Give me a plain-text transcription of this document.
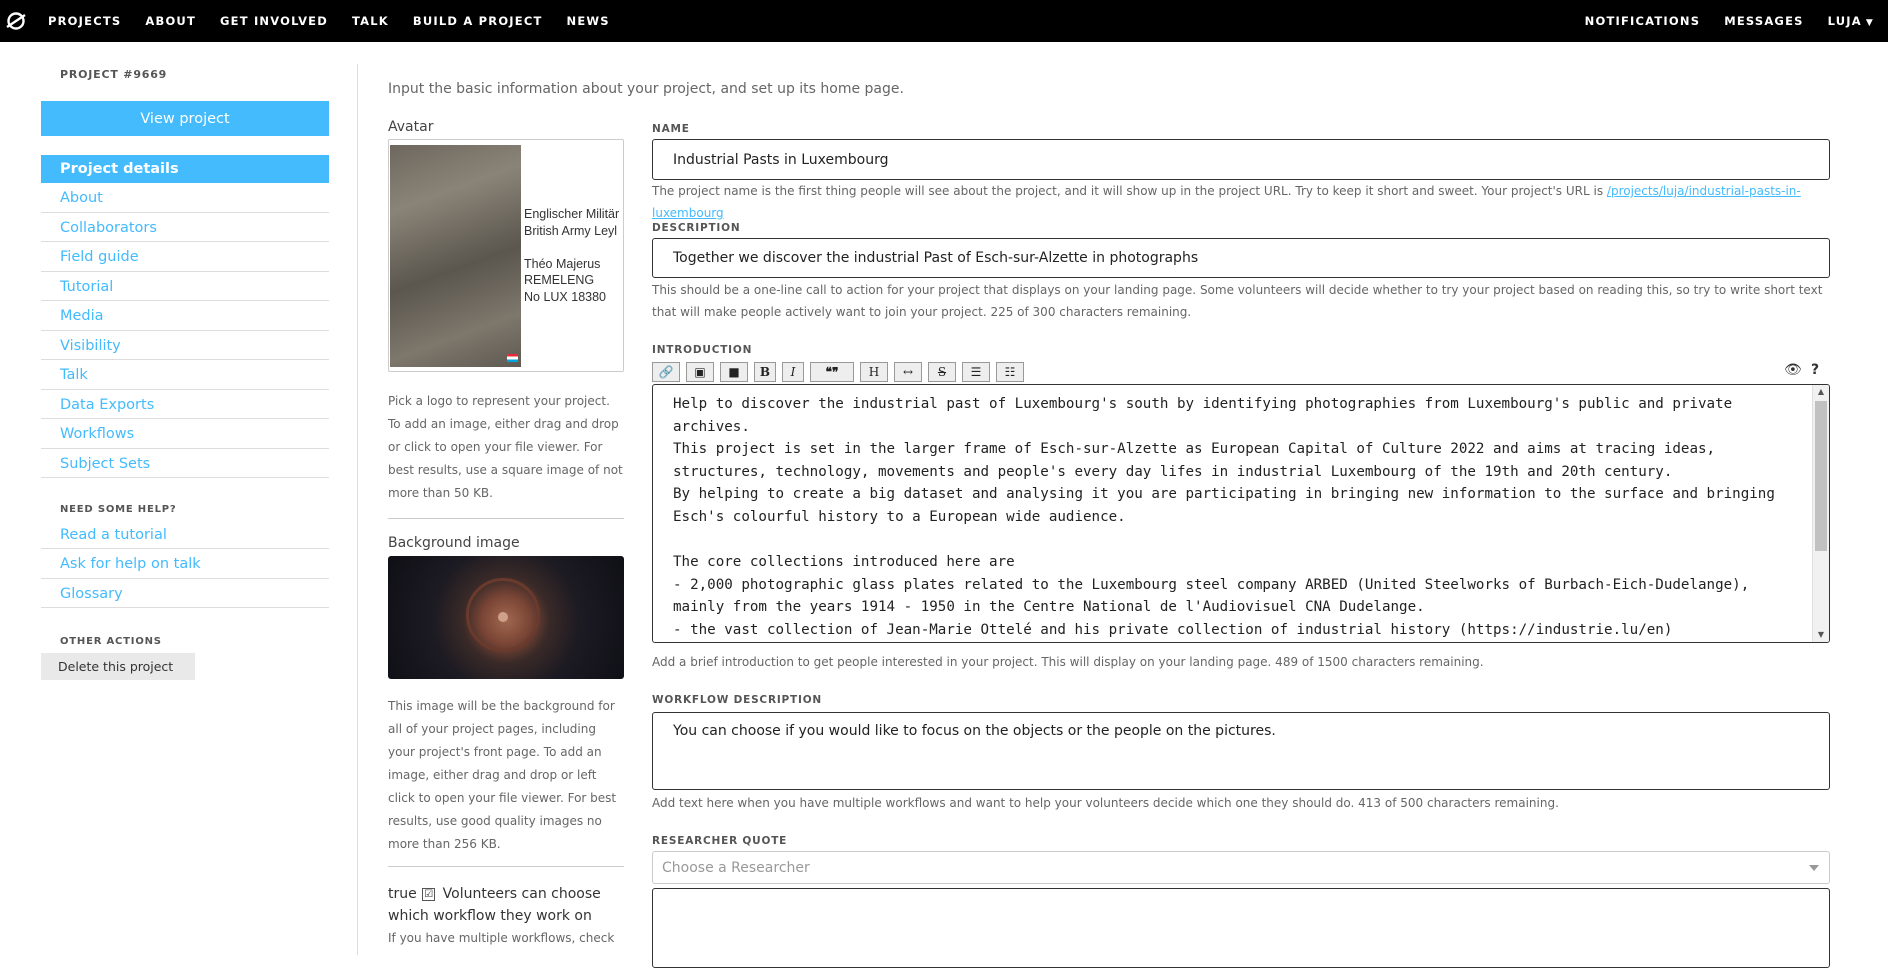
PROJECTS ABOUT GET INVOLVED TALK BUILD A PROJECT NEWS	NOTIFICATIONS MESSAGES LUJA ▼
PROJECT #9669
View project
Project details
About
Collaborators
Field guide
Tutorial
Media
Visibility
Talk
Data Exports
Workflows
Subject Sets
NEED SOME HELP?
Read a tutorial
Ask for help on talk
Glossary
OTHER ACTIONS
Delete this project
Input the basic information about your project, and set up its home page.
Avatar
Englischer Militär
British Army Leyl

Théo Majerus
REMELENG
No LUX 18380
Pick a logo to represent your project. To add an image, either drag and drop or click to open your file viewer. For best results, use a square image of not more than 50 KB.
Background image
This image will be the background for all of your project pages, including your project's front page. To add an image, either drag and drop or left click to open your file viewer. For best results, use good quality images no more than 256 KB.
true ☑ Volunteers can choose which workflow they work on
If you have multiple workflows, check
NAME
Industrial Pasts in Luxembourg
The project name is the first thing people will see about the project, and it will show up in the project URL. Try to keep it short and sweet. Your project's URL is /projects/luja/industrial-pasts-in-luxembourg
DESCRIPTION
Together we discover the industrial Past of Esch-sur-Alzette in photographs
This should be a one-line call to action for your project that displays on your landing page. Some volunteers will decide whether to try your project based on reading this, so try to write short text that will make people actively want to join your project. 225 of 300 characters remaining.
INTRODUCTION
🔗	▣	■	B	I	❝❞	H	↔	S	☰	☷	👁 ?
Help to discover the industrial past of Luxembourg's south by identifying photographies from Luxembourg's public and private archives.
This project is set in the larger frame of Esch-sur-Alzette as European Capital of Culture 2022 and aims at tracing ideas, structures, technology, movements and people's every day lifes in industrial Luxembourg of the 19th and 20th century.
By helping to create a big dataset and analysing it you are participating in bringing new information to the surface and bringing Esch's colourful history to a European wide audience.

The core collections introduced here are
- 2,000 photographic glass plates related to the Luxembourg steel company ARBED (United Steelworks of Burbach-Eich-Dudelange), mainly from the years 1914 - 1950 in the Centre National de l'Audiovisuel CNA Dudelange.
- the vast collection of Jean-Marie Ottelé and his private collection of industrial history (https://industrie.lu/en)
▲
▼
Add a brief introduction to get people interested in your project. This will display on your landing page. 489 of 1500 characters remaining.
WORKFLOW DESCRIPTION
You can choose if you would like to focus on the objects or the people on the pictures.
Add text here when you have multiple workflows and want to help your volunteers decide which one they should do. 413 of 500 characters remaining.
RESEARCHER QUOTE
Choose a Researcher
